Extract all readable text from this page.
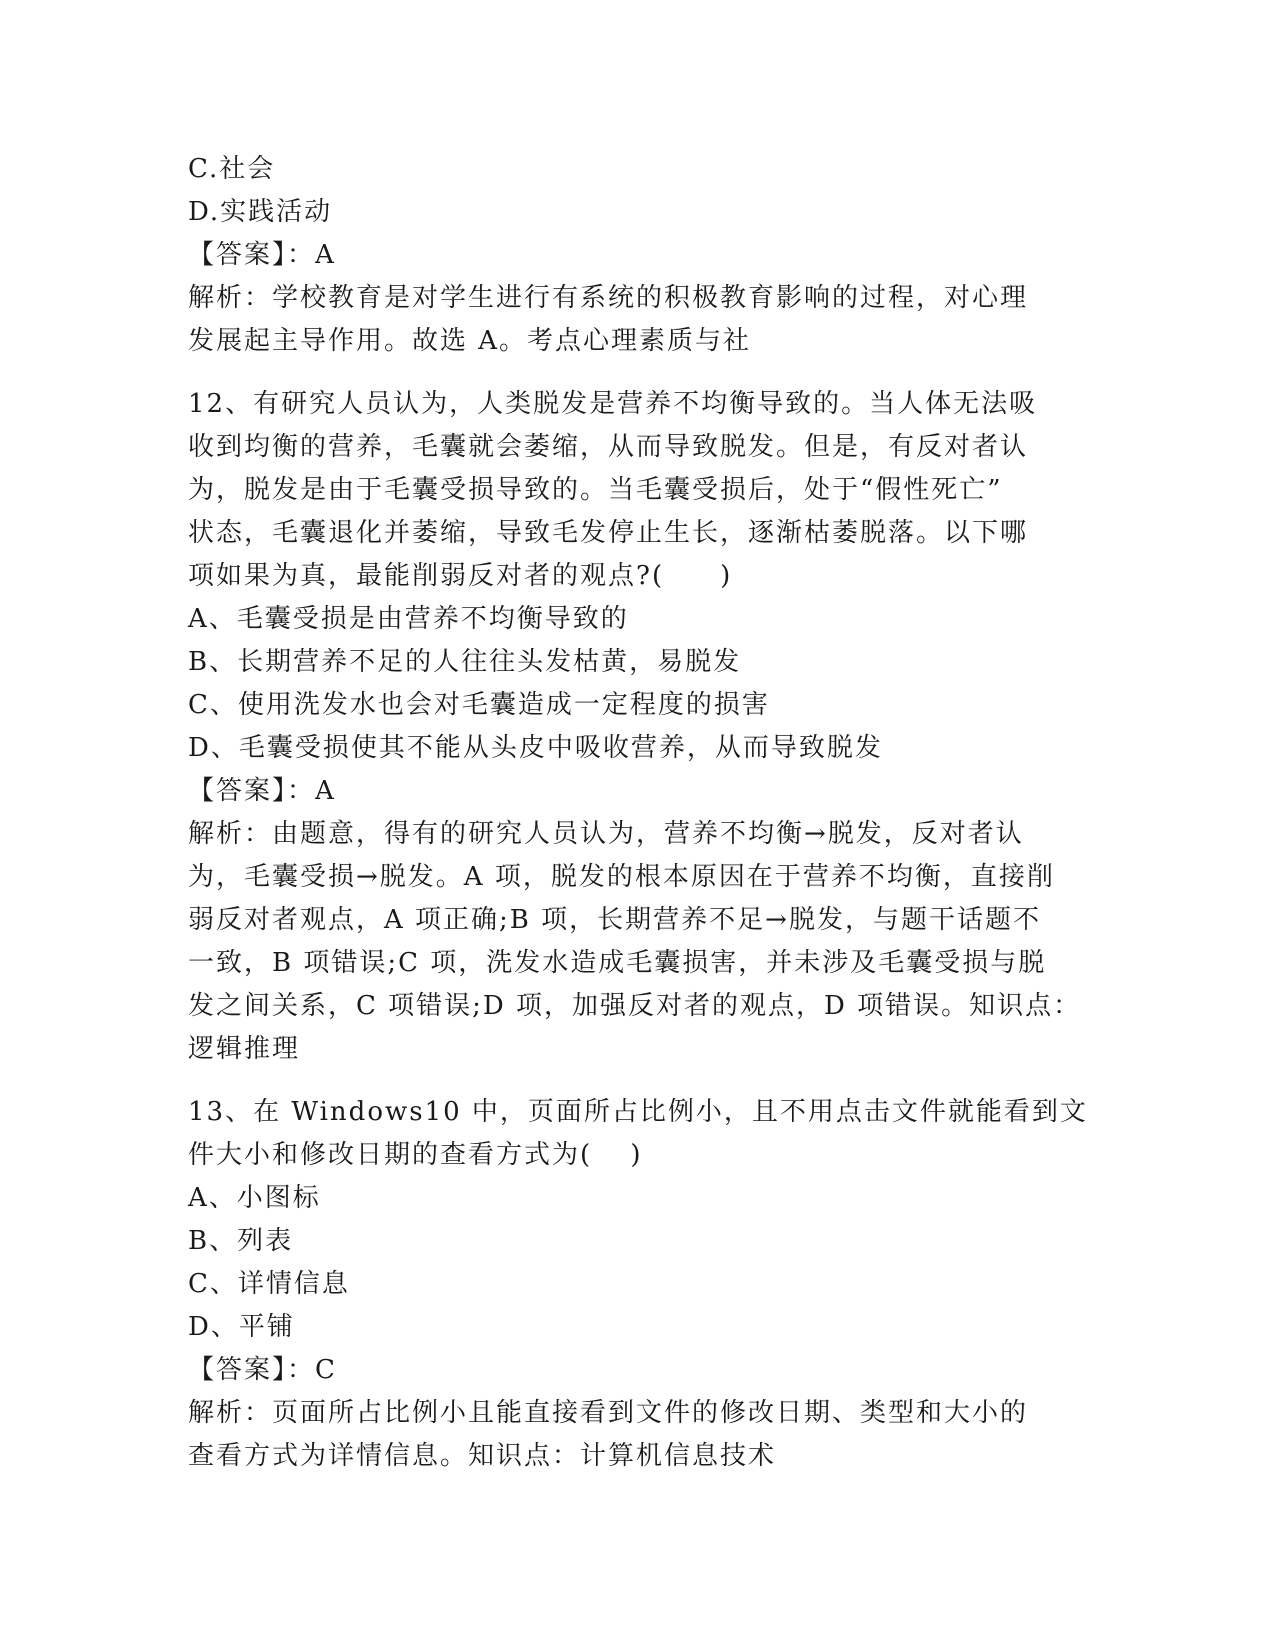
C.社会
D.实践活动
【答案】：A
解析：学校教育是对学生进行有系统的积极教育影响的过程，对心理
发展起主导作用。故选 A。考点心理素质与社
12、有研究人员认为，人类脱发是营养不均衡导致的。当人体无法吸
收到均衡的营养，毛囊就会萎缩，从而导致脱发。但是，有反对者认
为，脱发是由于毛囊受损导致的。当毛囊受损后，处于“假性死亡”
状态，毛囊退化并萎缩，导致毛发停止生长，逐渐枯萎脱落。以下哪
项如果为真，最能削弱反对者的观点?(　　)
A、毛囊受损是由营养不均衡导致的
B、长期营养不足的人往往头发枯黄，易脱发
C、使用洗发水也会对毛囊造成一定程度的损害
D、毛囊受损使其不能从头皮中吸收营养，从而导致脱发
【答案】：A
解析：由题意，得有的研究人员认为，营养不均衡→脱发，反对者认
为，毛囊受损→脱发。A 项，脱发的根本原因在于营养不均衡，直接削
弱反对者观点，A 项正确;B 项，长期营养不足→脱发，与题干话题不
一致，B 项错误;C 项，洗发水造成毛囊损害，并未涉及毛囊受损与脱
发之间关系，C 项错误;D 项，加强反对者的观点，D 项错误。知识点：
逻辑推理
13、在 Windows10 中，页面所占比例小，且不用点击文件就能看到文
件大小和修改日期的查看方式为(　 )
A、小图标
B、列表
C、详情信息
D、平铺
【答案】：C
解析：页面所占比例小且能直接看到文件的修改日期、类型和大小的
查看方式为详情信息。知识点：计算机信息技术
